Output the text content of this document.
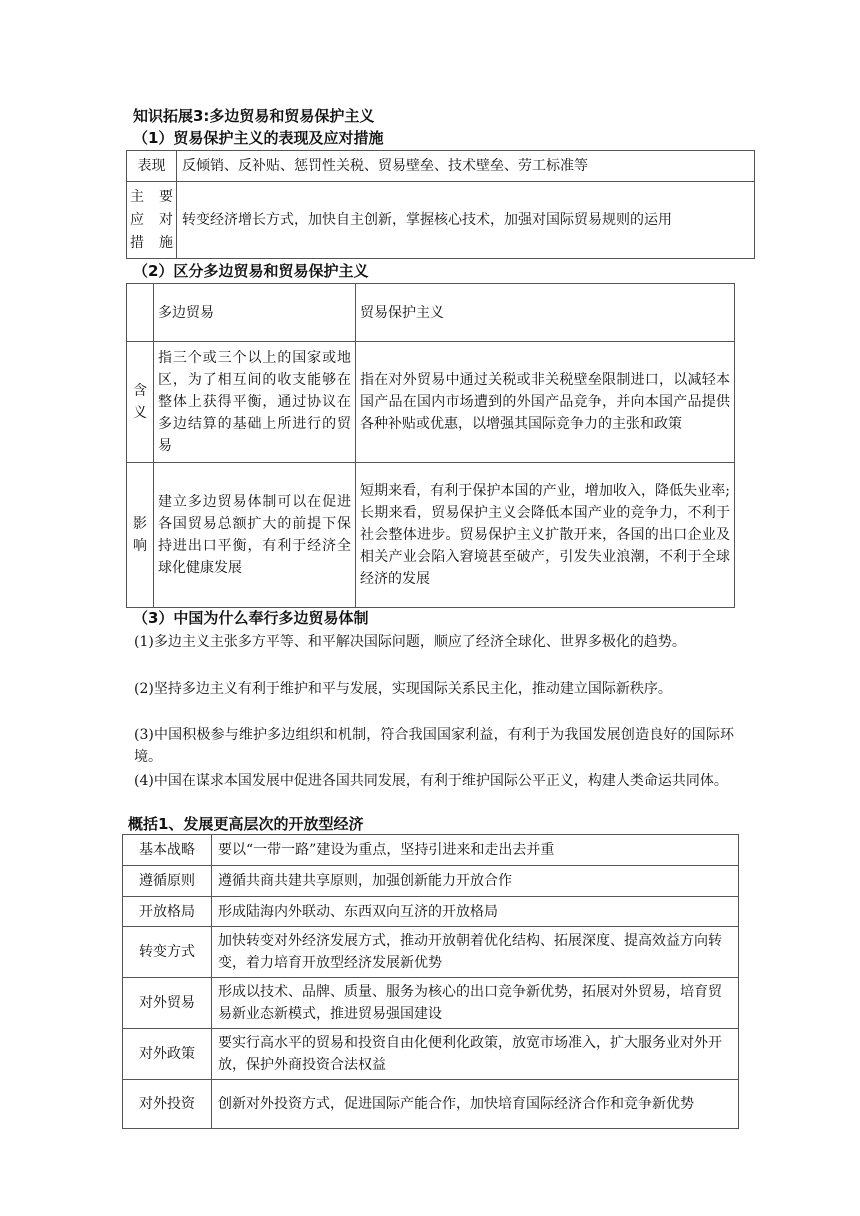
知识拓展3:多边贸易和贸易保护主义
（1）贸易保护主义的表现及应对措施
表现	反倾销、反补贴、惩罚性关税、贸易壁垒、技术壁垒、劳工标准等

主要
应对
措施	转变经济增长方式，加快自主创新，掌握核心技术，加强对国际贸易规则的运用
（2）区分多边贸易和贸易保护主义
	多边贸易	贸易保护主义
含义	指三个或三个以上的国家或地区，为了相互间的收支能够在整体上获得平衡，通过协议在多边结算的基础上所进行的贸易	指在对外贸易中通过关税或非关税壁垒限制进口，以减轻本国产品在国内市场遭到的外国产品竞争，并向本国产品提供各种补贴或优惠，以增强其国际竞争力的主张和政策
影响	建立多边贸易体制可以在促进各国贸易总额扩大的前提下保持进出口平衡，有利于经济全球化健康发展	短期来看，有利于保护本国的产业，增加收入，降低失业率;长期来看，贸易保护主义会降低本国产业的竞争力，不利于社会整体进步。贸易保护主义扩散开来，各国的出口企业及相关产业会陷入窘境甚至破产，引发失业浪潮，不利于全球经济的发展
（3）中国为什么奉行多边贸易体制
(1)多边主义主张多方平等、和平解决国际问题，顺应了经济全球化、世界多极化的趋势。
(2)坚持多边主义有利于维护和平与发展，实现国际关系民主化，推动建立国际新秩序。
(3)中国积极参与维护多边组织和机制，符合我国国家利益，有利于为我国发展创造良好的国际环境。
(4)中国在谋求本国发展中促进各国共同发展，有利于维护国际公平正义，构建人类命运共同体。
概括1、发展更高层次的开放型经济
基本战略	要以“一带一路”建设为重点，坚持引进来和走出去并重
遵循原则	遵循共商共建共享原则，加强创新能力开放合作
开放格局	形成陆海内外联动、东西双向互济的开放格局
转变方式	加快转变对外经济发展方式，推动开放朝着优化结构、拓展深度、提高效益方向转变，着力培育开放型经济发展新优势
对外贸易	形成以技术、品牌、质量、服务为核心的出口竞争新优势，拓展对外贸易，培育贸易新业态新模式，推进贸易强国建设
对外政策	要实行高水平的贸易和投资自由化便利化政策，放宽市场准入，扩大服务业对外开放，保护外商投资合法权益
对外投资	创新对外投资方式，促进国际产能合作，加快培育国际经济合作和竞争新优势
